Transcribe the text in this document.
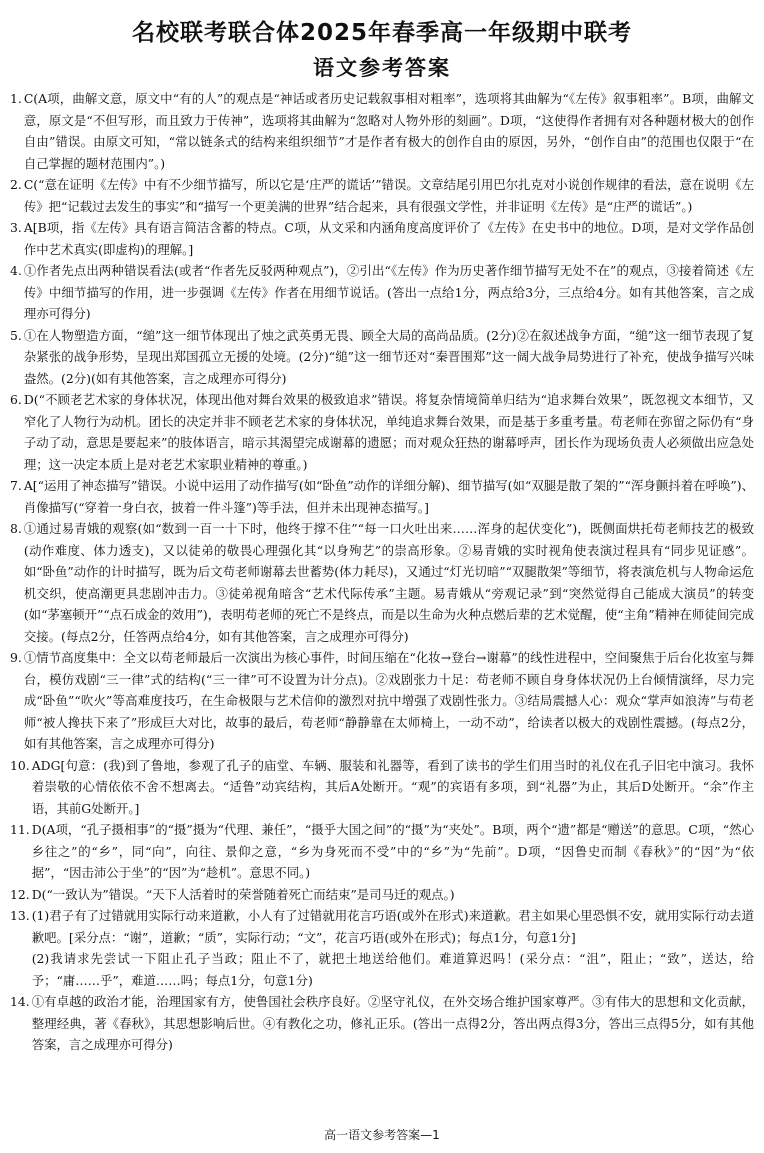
名校联考联合体2025年春季高一年级期中联考
语文参考答案
1. C(A项，曲解文意，原文中“有的人”的观点是“神话或者历史记载叙事相对粗率”，选项将其曲解为“《左传》叙事粗率”。B项，曲解文意，原文是“不但写形，而且致力于传神”，选项将其曲解为“忽略对人物外形的刻画”。D项，“这使得作者拥有对各种题材极大的创作自由”错误。由原文可知，“常以链条式的结构来组织细节”才是作者有极大的创作自由的原因，另外，“创作自由”的范围也仅限于“在自己掌握的题材范围内”。)
2. C(“意在证明《左传》中有不少细节描写，所以它是‘庄严的谎话’”错误。文章结尾引用巴尔扎克对小说创作规律的看法，意在说明《左传》把“记载过去发生的事实”和“描写一个更美满的世界”结合起来，具有很强文学性，并非证明《左传》是“庄严的谎话”。)
3. A[B项，指《左传》具有语言简洁含蓄的特点。C项，从文采和内涵角度高度评价了《左传》在史书中的地位。D项，是对文学作品创作中艺术真实(即虚构)的理解。]
4. ①作者先点出两种错误看法(或者“作者先反驳两种观点”)，②引出“《左传》作为历史著作细节描写无处不在”的观点，③接着简述《左传》中细节描写的作用，进一步强调《左传》作者在用细节说话。(答出一点给1分，两点给3分，三点给4分。如有其他答案，言之成理亦可得分)
5. ①在人物塑造方面，“缒”这一细节体现出了烛之武英勇无畏、顾全大局的高尚品质。(2分)②在叙述战争方面，“缒”这一细节表现了复杂紧张的战争形势，呈现出郑国孤立无援的处境。(2分)“缒”这一细节还对“秦晋围郑”这一阔大战争局势进行了补充，使战争描写兴味盎然。(2分)(如有其他答案，言之成理亦可得分)
6. D(“不顾老艺术家的身体状况，体现出他对舞台效果的极致追求”错误。将复杂情境简单归结为“追求舞台效果”，既忽视文本细节，又窄化了人物行为动机。团长的决定并非不顾老艺术家的身体状况，单纯追求舞台效果，而是基于多重考量。苟老师在弥留之际仍有“身子动了动，意思是要起来”的肢体语言，暗示其渴望完成谢幕的遗愿；而对观众狂热的谢幕呼声，团长作为现场负责人必须做出应急处理；这一决定本质上是对老艺术家职业精神的尊重。)
7. A[“运用了神态描写”错误。小说中运用了动作描写(如“卧鱼”动作的详细分解)、细节描写(如“双腿是散了架的”“浑身颤抖着在呼唤”)、肖像描写(“穿着一身白衣，披着一件斗篷”)等手法，但并未出现神态描写。]
8. ①通过易青娥的观察(如“数到一百一十下时，他终于撑不住”“每一口火吐出来……浑身的起伏变化”)，既侧面烘托苟老师技艺的极致(动作难度、体力透支)，又以徒弟的敬畏心理强化其“以身殉艺”的崇高形象。②易青娥的实时视角使表演过程具有“同步见证感”。如“卧鱼”动作的计时描写，既为后文苟老师谢幕去世蓄势(体力耗尽)，又通过“灯光切暗”“双腿散架”等细节，将表演危机与人物命运危机交织，使高潮更具悲剧冲击力。③徒弟视角暗含“艺术代际传承”主题。易青娥从“旁观记录”到“突然觉得自己能成大演员”的转变(如“茅塞顿开”“点石成金的效用”)，表明苟老师的死亡不是终点，而是以生命为火种点燃后辈的艺术觉醒，使“主角”精神在师徒间完成交接。(每点2分，任答两点给4分，如有其他答案，言之成理亦可得分)
9. ①情节高度集中：全文以苟老师最后一次演出为核心事件，时间压缩在“化妆→登台→谢幕”的线性进程中，空间聚焦于后台化妆室与舞台，模仿戏剧“三一律”式的结构(“三一律”可不设置为计分点)。②戏剧张力十足：苟老师不顾自身身体状况仍上台倾情演绎，尽力完成“卧鱼”“吹火”等高难度技巧，在生命极限与艺术信仰的激烈对抗中增强了戏剧性张力。③结局震撼人心：观众“掌声如浪涛”与苟老师“被人搀扶下来了”形成巨大对比，故事的最后，苟老师“静静靠在太师椅上，一动不动”，给读者以极大的戏剧性震撼。(每点2分，如有其他答案，言之成理亦可得分)
10. ADG[句意：(我)到了鲁地，参观了孔子的庙堂、车辆、服装和礼器等，看到了读书的学生们用当时的礼仪在孔子旧宅中演习。我怀着崇敬的心情依依不舍不想离去。“适鲁”动宾结构，其后A处断开。“观”的宾语有多项，到“礼器”为止，其后D处断开。“余”作主语，其前G处断开。]
11. D(A项，“孔子摄相事”的“摄”摄为“代理、兼任”，“摄乎大国之间”的“摄”为“夹处”。B项，两个“遗”都是“赠送”的意思。C项，“然心乡往之”的“乡”，同“向”，向往、景仰之意，“乡为身死而不受”中的“乡”为“先前”。D项，“因鲁史而制《春秋》”的“因”为“依据”，“因击沛公于坐”的“因”为“趁机”。意思不同。)
12. D(“一致认为”错误。“天下人活着时的荣誉随着死亡而结束”是司马迁的观点。)
13. (1)君子有了过错就用实际行动来道歉，小人有了过错就用花言巧语(或外在形式)来道歉。君主如果心里恐惧不安，就用实际行动去道歉吧。[采分点：“谢”，道歉；“质”，实际行动；“文”，花言巧语(或外在形式)；每点1分，句意1分]
(2)我请求先尝试一下阻止孔子当政；阻止不了，就把土地送给他们。难道算迟吗！(采分点：“沮”，阻止；“致”，送达，给予；“庸……乎”，难道……吗；每点1分，句意1分)
14. ①有卓越的政治才能，治理国家有方，使鲁国社会秩序良好。②坚守礼仪，在外交场合维护国家尊严。③有伟大的思想和文化贡献，整理经典，著《春秋》，其思想影响后世。④有教化之功，修礼正乐。(答出一点得2分，答出两点得3分，答出三点得5分，如有其他答案，言之成理亦可得分)
高一语文参考答案—1
